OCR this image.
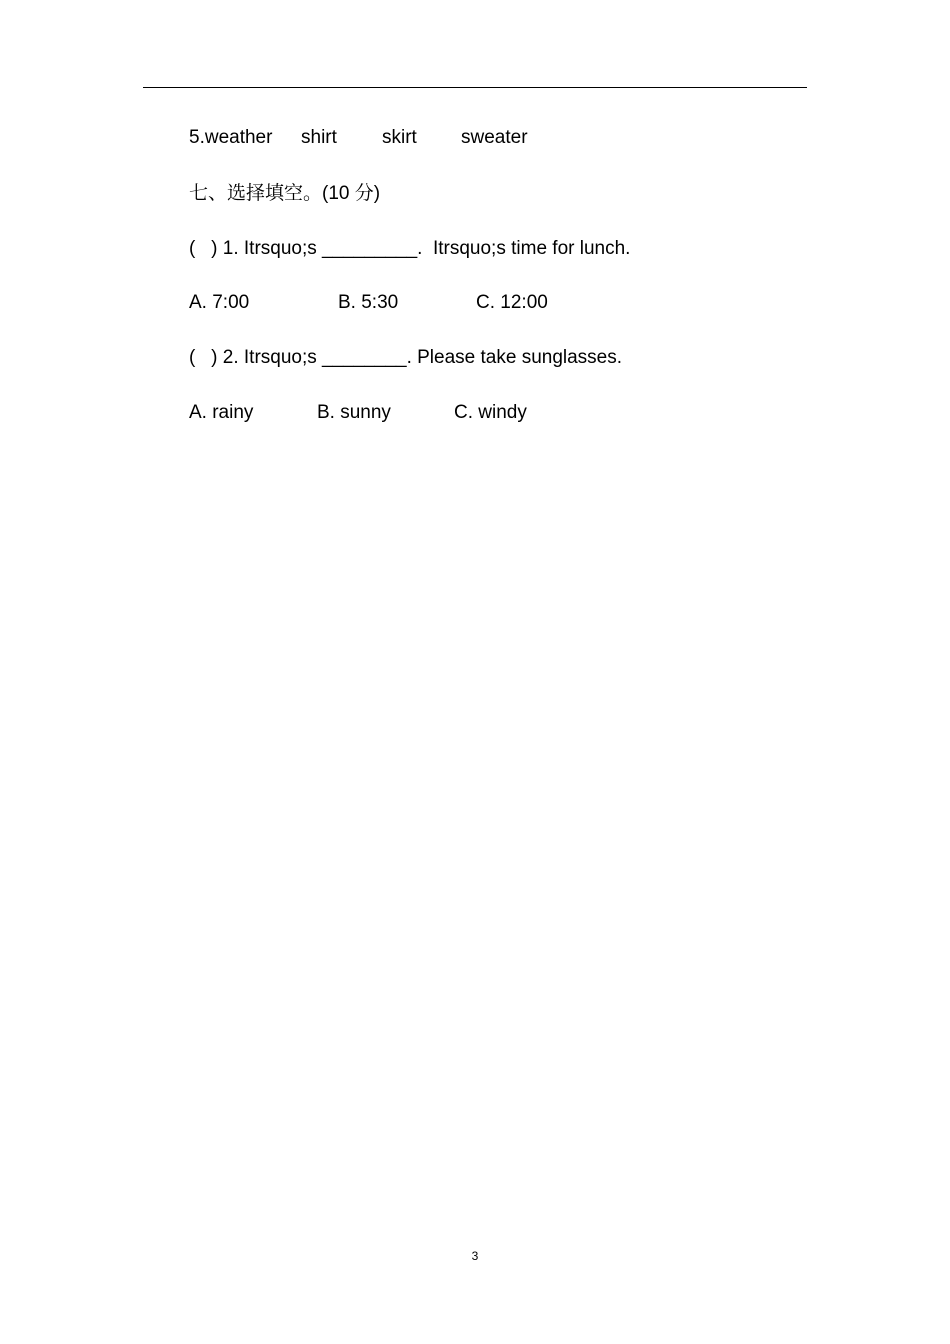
5.weather

shirt

skirt

sweater

七、选择填空。(10 分)
(   ) 1. Itrsquo;s _________.  Itrsquo;s time for lunch.

A. 7:00

	B. 5:30

	C. 12:00

(   ) 2. Itrsquo;s ________. Please take sunglasses.

A. rainy

	B. sunny

	C. windy

3
